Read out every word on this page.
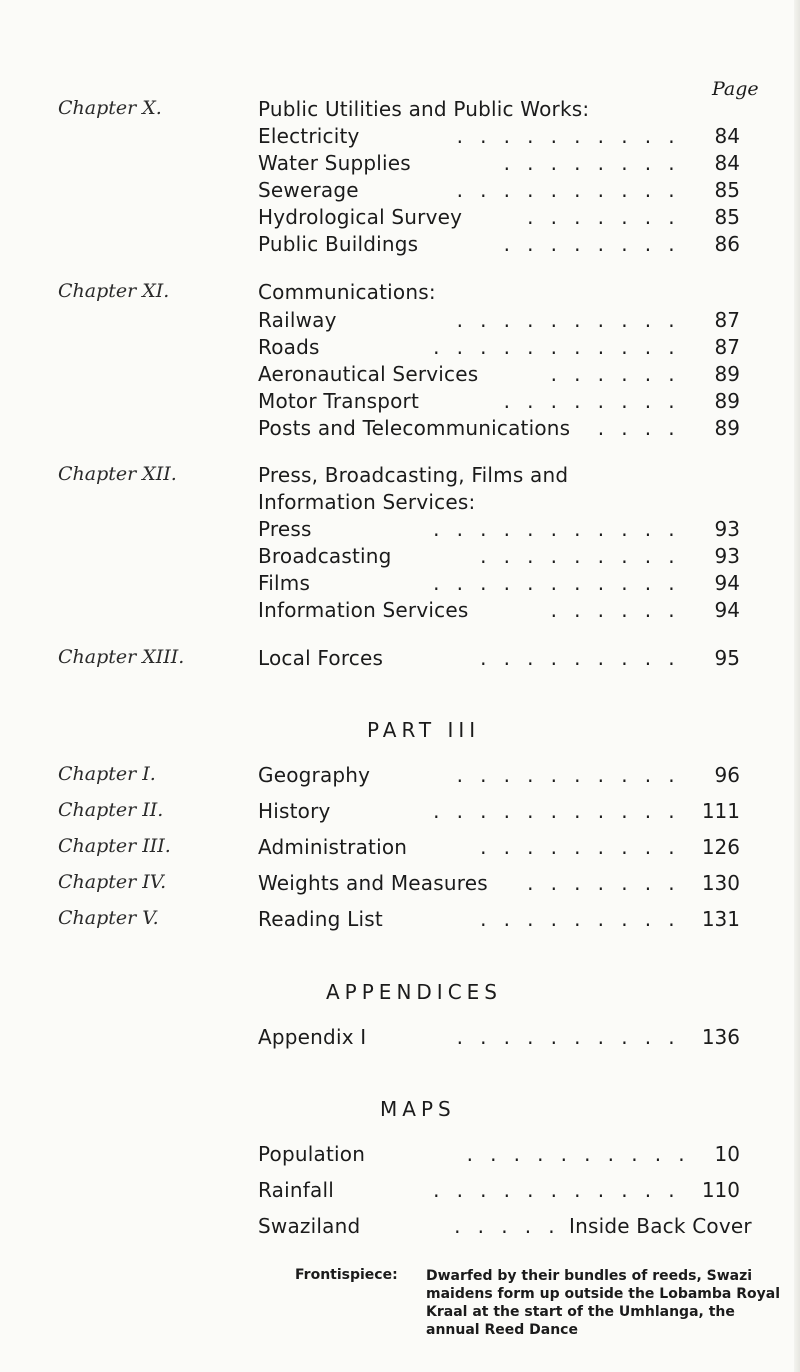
Page
Chapter X.	Public Utilities and Public Works:
Electricity	. . . . . . . . . .	84
Water Supplies	. . . . . . . .	84
Sewerage	. . . . . . . . . .	85
Hydrological Survey	. . . . . . .	85
Public Buildings	. . . . . . . .	86
Chapter XI.	Communications:
Railway	. . . . . . . . . .	87
Roads	. . . . . . . . . . .	87
Aeronautical Services	. . . . . .	89
Motor Transport	. . . . . . . .	89
Posts and Telecommunications	. . . .	89
Chapter XII.	Press, Broadcasting, Films and
Information Services:
Press	. . . . . . . . . . .	93
Broadcasting	. . . . . . . . .	93
Films	. . . . . . . . . . .	94
Information Services	. . . . . .	94
Chapter XIII.	Local Forces	. . . . . . . . .	95
PART III
Chapter I.	Geography	. . . . . . . . . .	96
Chapter II.	History	. . . . . . . . . . .	111
Chapter III.	Administration	. . . . . . . . .	126
Chapter IV.	Weights and Measures	. . . . . . .	130
Chapter V.	Reading List	. . . . . . . . .	131
APPENDICES
Appendix I	. . . . . . . . . .	136
MAPS
Population	. . . . . . . . . .	10
Rainfall	. . . . . . . . . . .	110
Swaziland	. . . . . Inside Back Cover
Frontispiece: Dwarfed by their bundles of reeds, Swazi maidens form up outside the Lobamba Royal Kraal at the start of the Umhlanga, the annual Reed Dance
